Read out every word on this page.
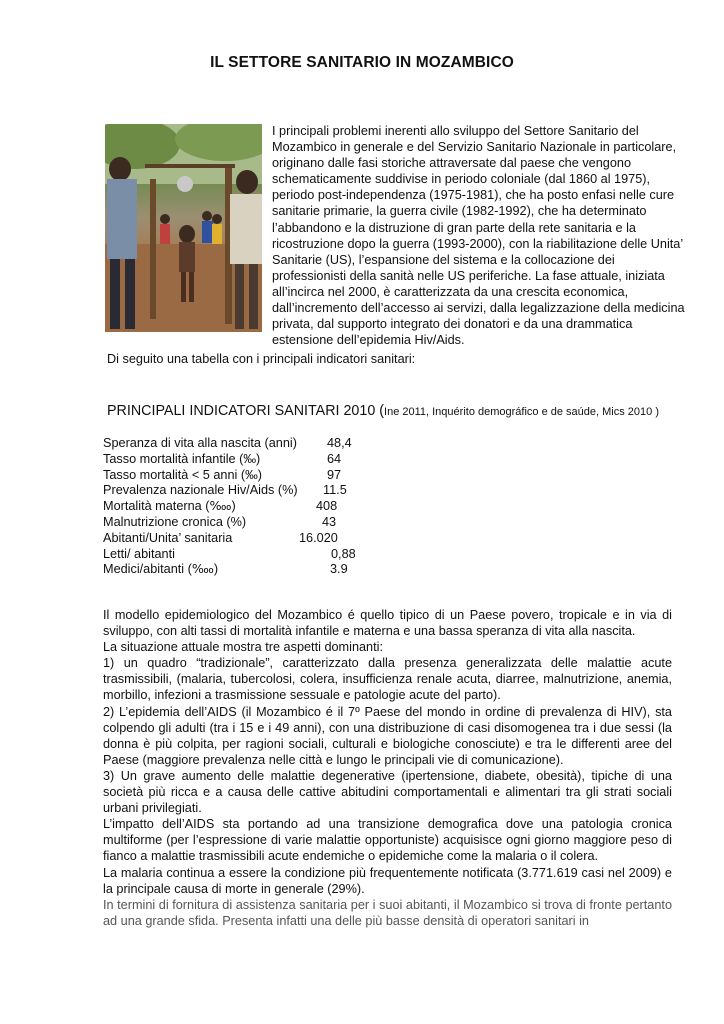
IL SETTORE SANITARIO IN MOZAMBICO

I principali problemi inerenti allo sviluppo del Settore Sanitario del Mozambico in generale e del Servizio Sanitario Nazionale in particolare, originano dalle fasi storiche attraversate dal paese che vengono schematicamente suddivise in periodo coloniale (dal 1860 al 1975), periodo post-independenza (1975-1981), che ha posto enfasi nelle cure sanitarie primarie, la guerra civile (1982-1992), che ha determinato l’abbandono e la distruzione di gran parte della rete sanitaria e la ricostruzione dopo la guerra (1993-2000), con la riabilitazione delle Unita’ Sanitarie (US), l’espansione del sistema e la collocazione dei professionisti della sanità nelle US periferiche. La fase attuale, iniziata all’incirca nel 2000, è caratterizzata da una crescita economica, dall’incremento dell’accesso ai servizi, dalla legalizzazione della medicina privata, dal supporto integrato dei donatori e da una drammatica estensione dell’epidemia Hiv/Aids.

Di seguito una tabella con i principali indicatori sanitari:

PRINCIPALI INDICATORI SANITARI 2010 (Ine 2011, Inquérito demográfico e de saúde, Mics 2010 )

Speranza di vita alla nascita (anni) 48,4
Tasso mortalità infantile (‰)	64
Tasso mortalità < 5 anni (‰)	97
Prevalenza nazionale Hiv/Aids (%) 11.5
Mortalità materna (‱)	408
Malnutrizione cronica (%)	43
Abitanti/Unita’ sanitaria	16.020
Letti/ abitanti	0,88
Medici/abitanti (‱)	3.9

Il modello epidemiologico del Mozambico é quello tipico di un Paese povero, tropicale e in via di sviluppo, con alti tassi di mortalità infantile e materna e una bassa speranza di vita alla nascita.

La situazione attuale mostra tre aspetti dominanti:

1) un quadro “tradizionale”, caratterizzato dalla presenza generalizzata delle malattie acute trasmissibili, (malaria, tubercolosi, colera, insufficienza renale acuta, diarree, malnutrizione, anemia, morbillo, infezioni a trasmissione sessuale e patologie acute del parto).

2) L’epidemia dell’AIDS (il Mozambico é il 7º Paese del mondo in ordine di prevalenza di HIV), sta colpendo gli adulti (tra i 15 e i 49 anni), con una distribuzione di casi disomogenea tra i due sessi (la donna è più colpita, per ragioni sociali, culturali e biologiche conosciute) e tra le differenti aree del Paese (maggiore prevalenza nelle città e lungo le principali vie di comunicazione).

3) Un grave aumento delle malattie degenerative (ipertensione, diabete, obesità), tipiche di una società più ricca e a causa delle cattive abitudini comportamentali e alimentari tra gli strati sociali urbani privilegiati.

L’impatto dell’AIDS sta portando ad una transizione demografica dove una patologia cronica multiforme (per l’espressione di varie malattie opportuniste) acquisisce ogni giorno maggiore peso di fianco a malattie trasmissibili acute endemiche o epidemiche come la malaria o il colera.

La malaria continua a essere la condizione più frequentemente notificata (3.771.619 casi nel 2009) e la principale causa di morte in generale (29%).

In termini di fornitura di assistenza sanitaria per i suoi abitanti, il Mozambico si trova di fronte pertanto ad una grande sfida. Presenta infatti una delle più basse densità di operatori sanitari in
